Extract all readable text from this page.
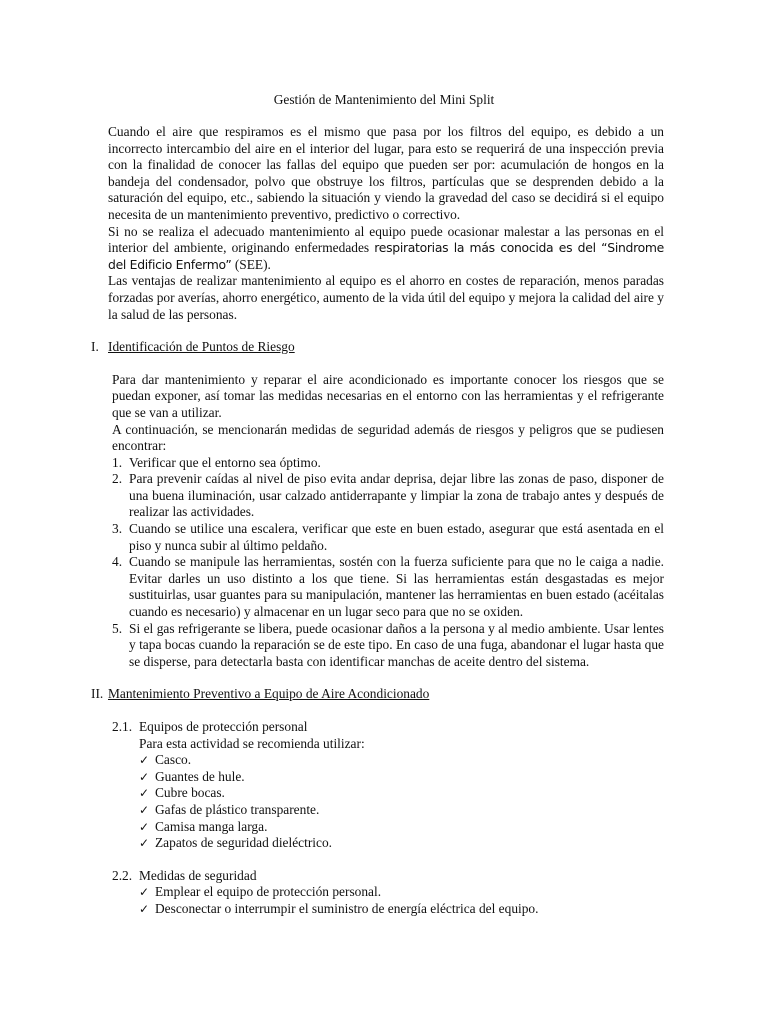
Gestión de Mantenimiento del Mini Split

Cuando el aire que respiramos es el mismo que pasa por los filtros del equipo, es debido a un incorrecto intercambio del aire en el interior del lugar, para esto se requerirá de una inspección previa con la finalidad de conocer las fallas del equipo que pueden ser por: acumulación de hongos en la bandeja del condensador, polvo que obstruye los filtros, partículas que se desprenden debido a la saturación del equipo, etc., sabiendo la situación y viendo la gravedad del caso se decidirá si el equipo necesita de un mantenimiento preventivo, predictivo o correctivo.

Si no se realiza el adecuado mantenimiento al equipo puede ocasionar malestar a las personas en el interior del ambiente, originando enfermedades respiratorias la más conocida es del “Sindrome del Edificio Enfermo” (SEE).

Las ventajas de realizar mantenimiento al equipo es el ahorro en costes de reparación, menos paradas forzadas por averías, ahorro energético, aumento de la vida útil del equipo y mejora la calidad del aire y la salud de las personas.

I. Identificación de Puntos de Riesgo

Para dar mantenimiento y reparar el aire acondicionado es importante conocer los riesgos que se puedan exponer, así tomar las medidas necesarias en el entorno con las herramientas y el refrigerante que se van a utilizar.

A continuación, se mencionarán medidas de seguridad además de riesgos y peligros que se pudiesen encontrar:

1. Verificar que el entorno sea óptimo.
2. Para prevenir caídas al nivel de piso evita andar deprisa, dejar libre las zonas de paso, disponer de una buena iluminación, usar calzado antiderrapante y limpiar la zona de trabajo antes y después de realizar las actividades.
3. Cuando se utilice una escalera, verificar que este en buen estado, asegurar que está asentada en el piso y nunca subir al último peldaño.
4. Cuando se manipule las herramientas, sostén con la fuerza suficiente para que no le caiga a nadie. Evitar darles un uso distinto a los que tiene. Si las herramientas están desgastadas es mejor sustituirlas, usar guantes para su manipulación, mantener las herramientas en buen estado (acéitalas cuando es necesario) y almacenar en un lugar seco para que no se oxiden.
5. Si el gas refrigerante se libera, puede ocasionar daños a la persona y al medio ambiente. Usar lentes y tapa bocas cuando la reparación se de este tipo. En caso de una fuga, abandonar el lugar hasta que se disperse, para detectarla basta con identificar manchas de aceite dentro del sistema.
II. Mantenimiento Preventivo a Equipo de Aire Acondicionado
2.1. Equipos de protección personal
Para esta actividad se recomienda utilizar:
✓ Casco.
✓ Guantes de hule.
✓ Cubre bocas.
✓ Gafas de plástico transparente.
✓ Camisa manga larga.
✓ Zapatos de seguridad dieléctrico.
2.2. Medidas de seguridad
✓ Emplear el equipo de protección personal.
✓ Desconectar o interrumpir el suministro de energía eléctrica del equipo.
